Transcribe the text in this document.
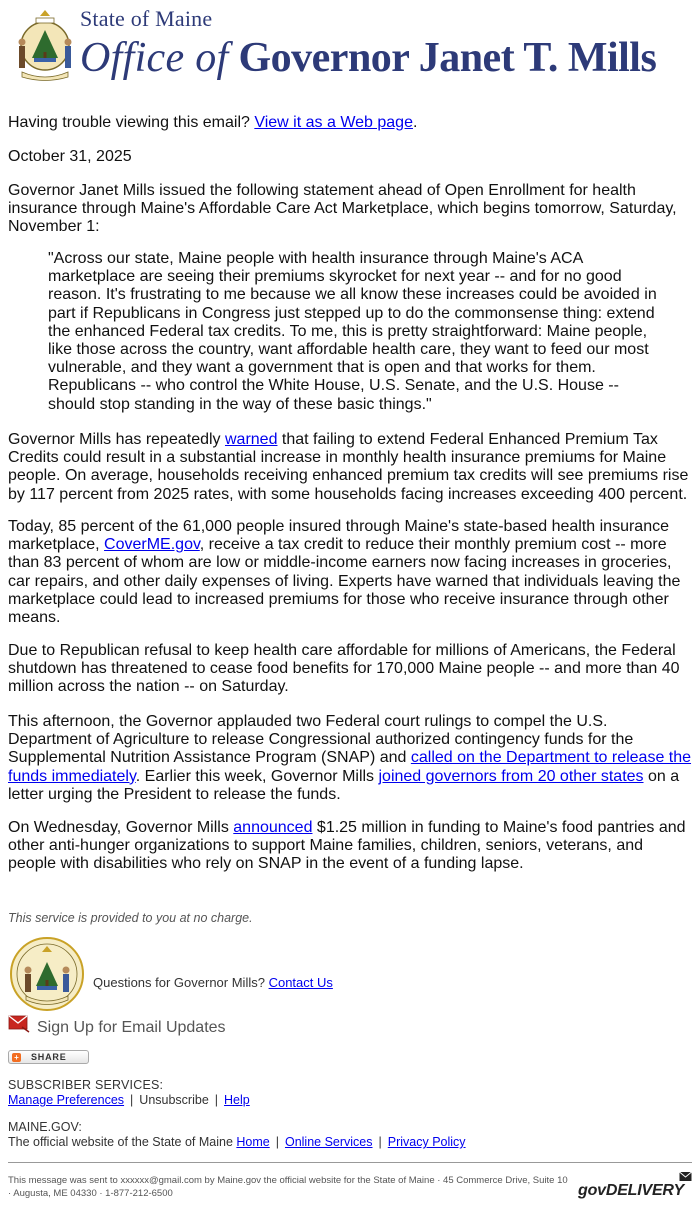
State of Maine
Office of Governor Janet T. Mills
Having trouble viewing this email? View it as a Web page.
October 31, 2025
Governor Janet Mills issued the following statement ahead of Open Enrollment for health insurance through Maine's Affordable Care Act Marketplace, which begins tomorrow, Saturday, November 1:
"Across our state, Maine people with health insurance through Maine's ACA marketplace are seeing their premiums skyrocket for next year -- and for no good reason. It's frustrating to me because we all know these increases could be avoided in part if Republicans in Congress just stepped up to do the commonsense thing: extend the enhanced Federal tax credits. To me, this is pretty straightforward: Maine people, like those across the country, want affordable health care, they want to feed our most vulnerable, and they want a government that is open and that works for them. Republicans -- who control the White House, U.S. Senate, and the U.S. House -- should stop standing in the way of these basic things."
Governor Mills has repeatedly warned that failing to extend Federal Enhanced Premium Tax Credits could result in a substantial increase in monthly health insurance premiums for Maine people. On average, households receiving enhanced premium tax credits will see premiums rise by 117 percent from 2025 rates, with some households facing increases exceeding 400 percent.
Today, 85 percent of the 61,000 people insured through Maine's state-based health insurance marketplace, CoverME.gov, receive a tax credit to reduce their monthly premium cost -- more than 83 percent of whom are low or middle-income earners now facing increases in groceries, car repairs, and other daily expenses of living. Experts have warned that individuals leaving the marketplace could lead to increased premiums for those who receive insurance through other means.
Due to Republican refusal to keep health care affordable for millions of Americans, the Federal shutdown has threatened to cease food benefits for 170,000 Maine people -- and more than 40 million across the nation -- on Saturday.
This afternoon, the Governor applauded two Federal court rulings to compel the U.S. Department of Agriculture to release Congressional authorized contingency funds for the Supplemental Nutrition Assistance Program (SNAP) and called on the Department to release the funds immediately. Earlier this week, Governor Mills joined governors from 20 other states on a letter urging the President to release the funds.
On Wednesday, Governor Mills announced $1.25 million in funding to Maine's food pantries and other anti-hunger organizations to support Maine families, children, seniors, veterans, and people with disabilities who rely on SNAP in the event of a funding lapse.
This service is provided to you at no charge.
Questions for Governor Mills? Contact Us
Sign Up for Email Updates
+ SHARE
SUBSCRIBER SERVICES:
Manage Preferences | Unsubscribe | Help
MAINE.GOV:
The official website of the State of Maine Home | Online Services | Privacy Policy
This message was sent to xxxxxx@gmail.com by Maine.gov the official website for the State of Maine · 45 Commerce Drive, Suite 10 · Augusta, ME 04330 · 1-877-212-6500	govDELIVERY
